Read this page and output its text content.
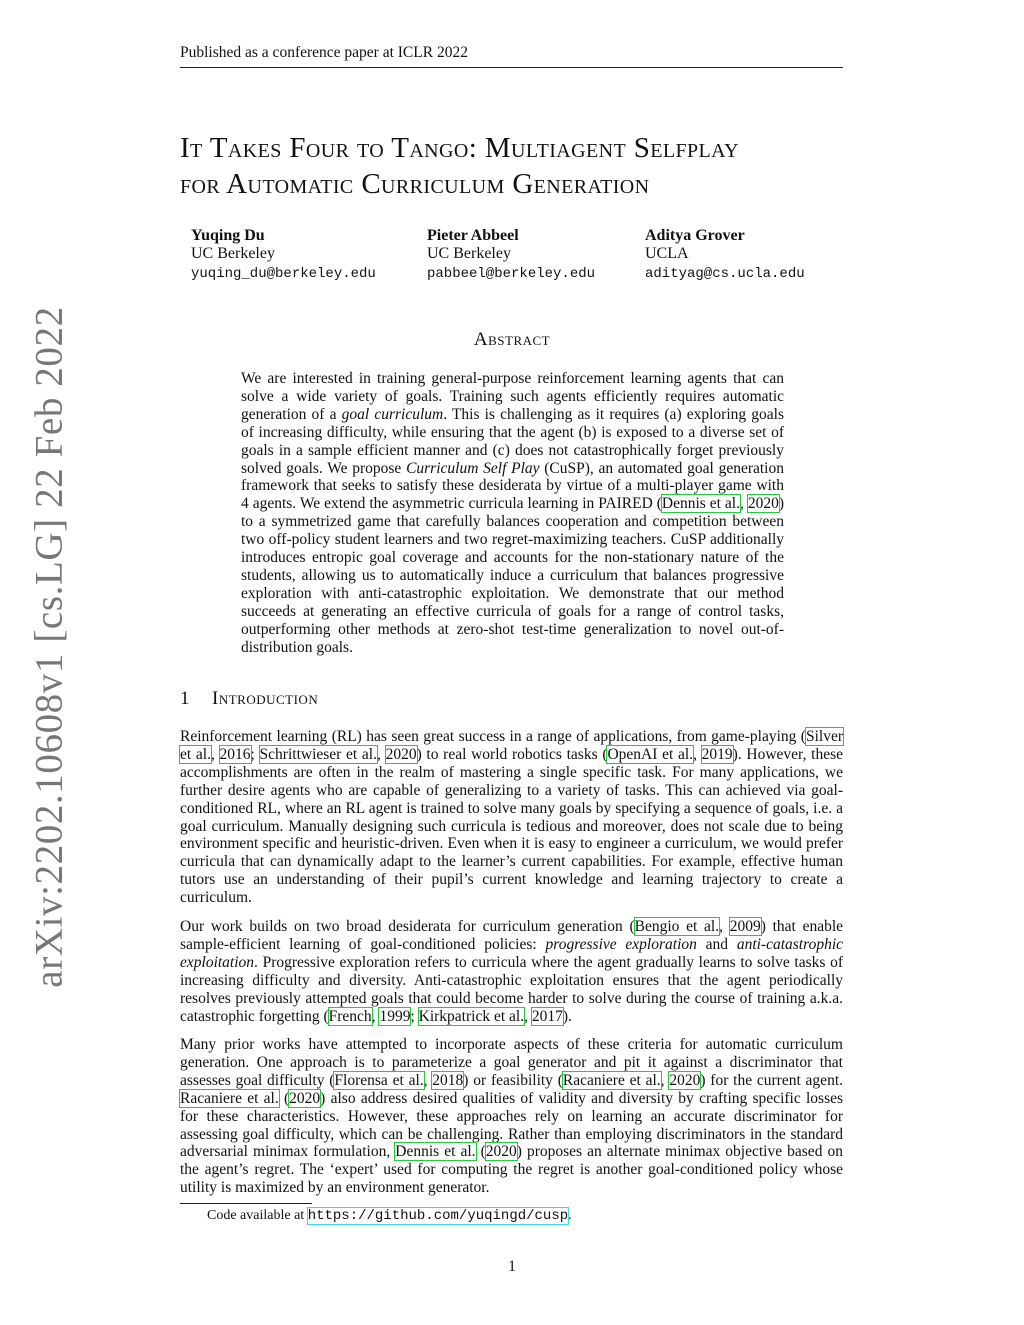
Published as a conference paper at ICLR 2022
arXiv:2202.10608v1 [cs.LG] 22 Feb 2022
It Takes Four to Tango: Multiagent Selfplay
for Automatic Curriculum Generation
Yuqing Du
UC Berkeley
yuqing_du@berkeley.edu
Pieter Abbeel
UC Berkeley
pabbeel@berkeley.edu
Aditya Grover
UCLA
adityag@cs.ucla.edu
Abstract
We are interested in training general-purpose reinforcement learning agents that can solve a wide variety of goals. Training such agents efficiently requires automatic generation of a goal curriculum. This is challenging as it requires (a) exploring goals of increasing difficulty, while ensuring that the agent (b) is exposed to a diverse set of goals in a sample efficient manner and (c) does not catastrophically forget previously solved goals. We propose Curriculum Self Play (CuSP), an automated goal generation framework that seeks to satisfy these desiderata by virtue of a multi-player game with 4 agents. We extend the asymmetric curricula learning in PAIRED (Dennis et al., 2020) to a symmetrized game that carefully balances cooperation and competition between two off-policy student learners and two regret-maximizing teachers. CuSP additionally introduces entropic goal coverage and accounts for the non-stationary nature of the students, allowing us to automatically induce a curriculum that balances progressive exploration with anti-catastrophic exploitation. We demonstrate that our method succeeds at generating an effective curricula of goals for a range of control tasks, outperforming other methods at zero-shot test-time generalization to novel out-of-distribution goals.
1 Introduction

Reinforcement learning (RL) has seen great success in a range of applications, from game-playing (Silver et al., 2016; Schrittwieser et al., 2020) to real world robotics tasks (OpenAI et al., 2019). However, these accomplishments are often in the realm of mastering a single specific task. For many applications, we further desire agents who are capable of generalizing to a variety of tasks. This can achieved via goal-conditioned RL, where an RL agent is trained to solve many goals by specifying a sequence of goals, i.e. a goal curriculum. Manually designing such curricula is tedious and moreover, does not scale due to being environment specific and heuristic-driven. Even when it is easy to engineer a curriculum, we would prefer curricula that can dynamically adapt to the learner’s current capabilities. For example, effective human tutors use an understanding of their pupil’s current knowledge and learning trajectory to create a curriculum.

Our work builds on two broad desiderata for curriculum generation (Bengio et al., 2009) that enable sample-efficient learning of goal-conditioned policies: progressive exploration and anti-catastrophic exploitation. Progressive exploration refers to curricula where the agent gradually learns to solve tasks of increasing difficulty and diversity. Anti-catastrophic exploitation ensures that the agent periodically resolves previously attempted goals that could become harder to solve during the course of training a.k.a. catastrophic forgetting (French, 1999; Kirkpatrick et al., 2017).

Many prior works have attempted to incorporate aspects of these criteria for automatic curriculum generation. One approach is to parameterize a goal generator and pit it against a discriminator that assesses goal difficulty (Florensa et al., 2018) or feasibility (Racaniere et al., 2020) for the current agent. Racaniere et al. (2020) also address desired qualities of validity and diversity by crafting specific losses for these characteristics. However, these approaches rely on learning an accurate discriminator for assessing goal difficulty, which can be challenging. Rather than employing discriminators in the standard adversarial minimax formulation, Dennis et al. (2020) proposes an alternate minimax objective based on the agent’s regret. The ‘expert’ used for computing the regret is another goal-conditioned policy whose utility is maximized by an environment generator.

Code available at https://github.com/yuqingd/cusp.
1
